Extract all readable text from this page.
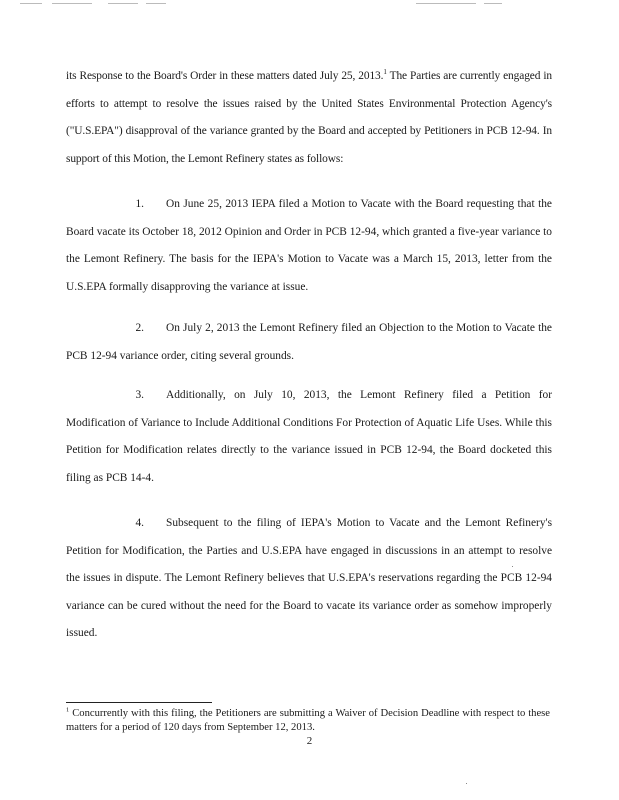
its Response to the Board's Order in these matters dated July 25, 2013.$^1$ The Parties are currently engaged in efforts to attempt to resolve the issues raised by the United States Environmental Protection Agency's ("U.S.EPA") disapproval of the variance granted by the Board and accepted by Petitioners in PCB 12-94. In support of this Motion, the Lemont Refinery states as follows:

1. On June 25, 2013 IEPA filed a Motion to Vacate with the Board requesting that the Board vacate its October 18, 2012 Opinion and Order in PCB 12-94, which granted a five-year variance to the Lemont Refinery. The basis for the IEPA's Motion to Vacate was a March 15, 2013, letter from the U.S.EPA formally disapproving the variance at issue.

2. On July 2, 2013 the Lemont Refinery filed an Objection to the Motion to Vacate the PCB 12-94 variance order, citing several grounds.

3. Additionally, on July 10, 2013, the Lemont Refinery filed a Petition for Modification of Variance to Include Additional Conditions For Protection of Aquatic Life Uses. While this Petition for Modification relates directly to the variance issued in PCB 12-94, the Board docketed this filing as PCB 14-4.

4. Subsequent to the filing of IEPA's Motion to Vacate and the Lemont Refinery's Petition for Modification, the Parties and U.S.EPA have engaged in discussions in an attempt to resolve the issues in dispute. The Lemont Refinery believes that U.S.EPA's reservations regarding the PCB 12-94 variance can be cured without the need for the Board to vacate its variance order as somehow improperly issued.

$^1$ Concurrently with this filing, the Petitioners are submitting a Waiver of Decision Deadline with respect to these matters for a period of 120 days from September 12, 2013.
2
